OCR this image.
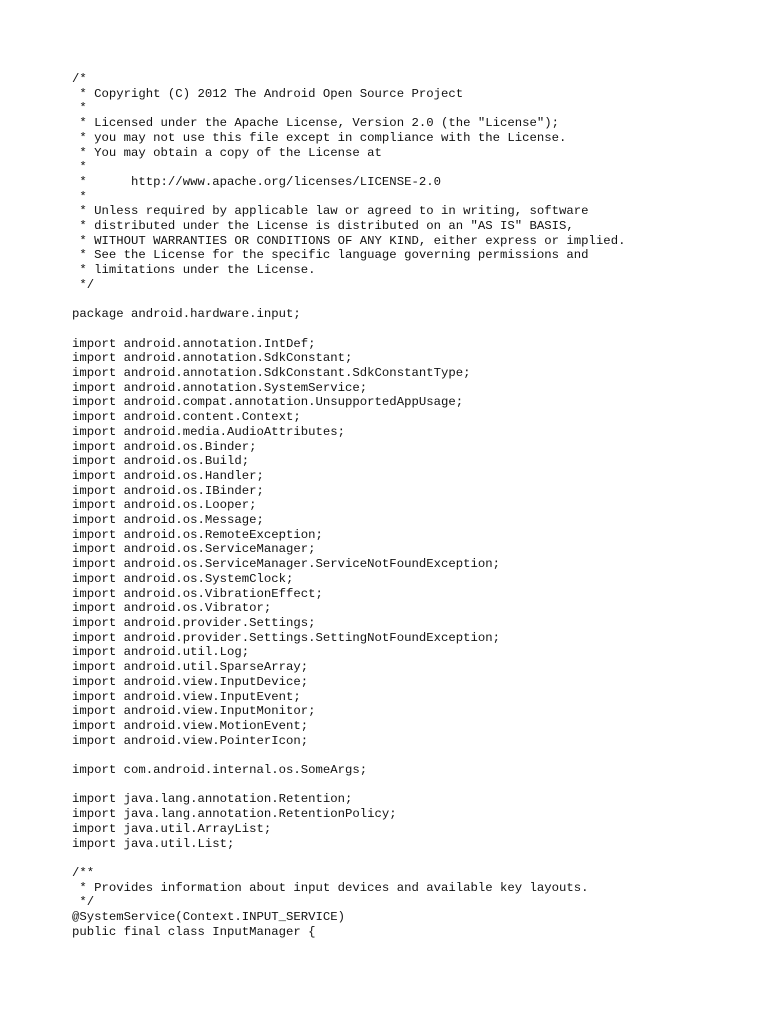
/*
* Copyright (C) 2012 The Android Open Source Project
*
* Licensed under the Apache License, Version 2.0 (the "License");
* you may not use this file except in compliance with the License.
* You may obtain a copy of the License at
*
*      http://www.apache.org/licenses/LICENSE-2.0
*
* Unless required by applicable law or agreed to in writing, software
* distributed under the License is distributed on an "AS IS" BASIS,
* WITHOUT WARRANTIES OR CONDITIONS OF ANY KIND, either express or implied.
* See the License for the specific language governing permissions and
* limitations under the License.
*/
package android.hardware.input;
import android.annotation.IntDef;
import android.annotation.SdkConstant;
import android.annotation.SdkConstant.SdkConstantType;
import android.annotation.SystemService;
import android.compat.annotation.UnsupportedAppUsage;
import android.content.Context;
import android.media.AudioAttributes;
import android.os.Binder;
import android.os.Build;
import android.os.Handler;
import android.os.IBinder;
import android.os.Looper;
import android.os.Message;
import android.os.RemoteException;
import android.os.ServiceManager;
import android.os.ServiceManager.ServiceNotFoundException;
import android.os.SystemClock;
import android.os.VibrationEffect;
import android.os.Vibrator;
import android.provider.Settings;
import android.provider.Settings.SettingNotFoundException;
import android.util.Log;
import android.util.SparseArray;
import android.view.InputDevice;
import android.view.InputEvent;
import android.view.InputMonitor;
import android.view.MotionEvent;
import android.view.PointerIcon;
import com.android.internal.os.SomeArgs;
import java.lang.annotation.Retention;
import java.lang.annotation.RetentionPolicy;
import java.util.ArrayList;
import java.util.List;
/**
* Provides information about input devices and available key layouts.
*/
@SystemService(Context.INPUT_SERVICE)
public final class InputManager {
